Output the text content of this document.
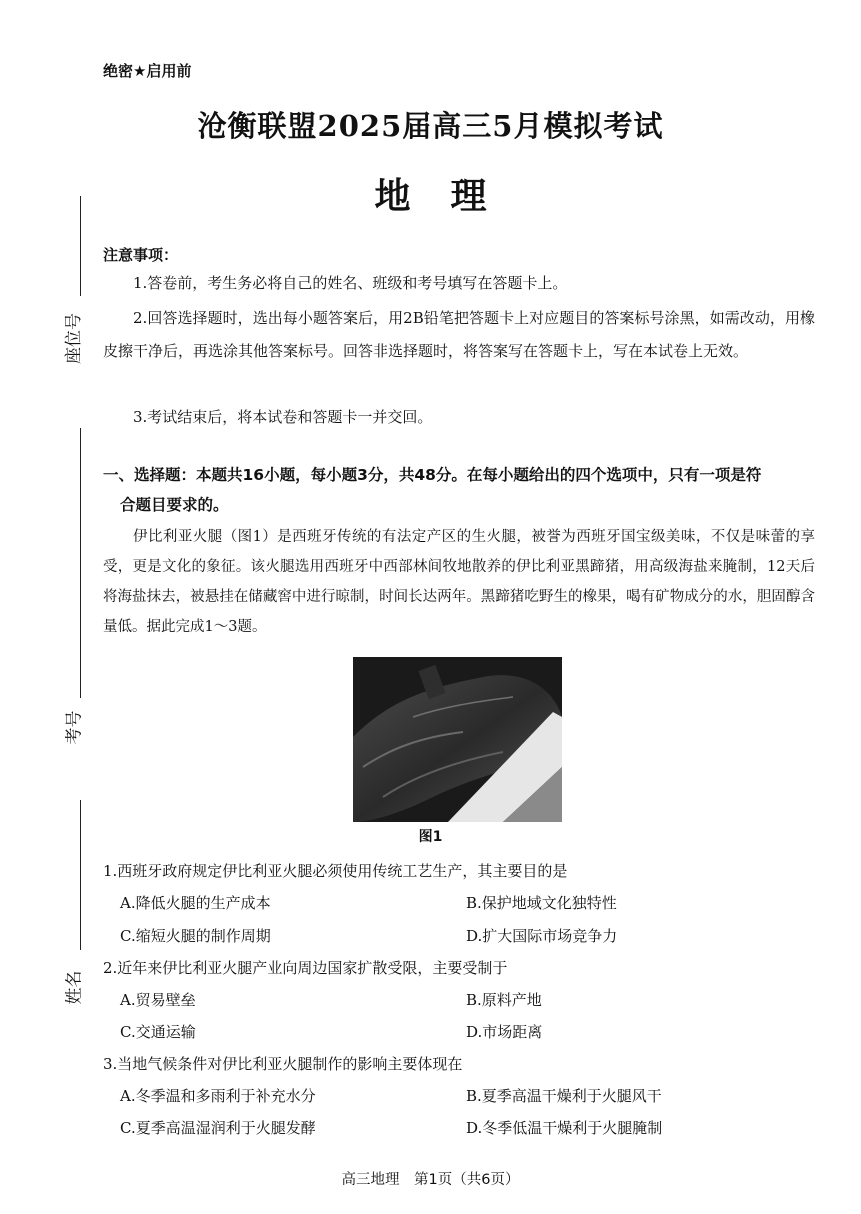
座位号
考号
姓名
绝密★启用前
沧衡联盟2025届高三5月模拟考试
地理
注意事项：
1.答卷前，考生务必将自己的姓名、班级和考号填写在答题卡上。
2.回答选择题时，选出每小题答案后，用2B铅笔把答题卡上对应题目的答案标号涂黑，如需改动，用橡皮擦干净后，再选涂其他答案标号。回答非选择题时，将答案写在答题卡上，写在本试卷上无效。
3.考试结束后，将本试卷和答题卡一并交回。
一、选择题：本题共16小题，每小题3分，共48分。在每小题给出的四个选项中，只有一项是符
合题目要求的。
伊比利亚火腿（图1）是西班牙传统的有法定产区的生火腿，被誉为西班牙国宝级美味，不仅是味蕾的享受，更是文化的象征。该火腿选用西班牙中西部林间牧地散养的伊比利亚黑蹄猪，用高级海盐来腌制，12天后将海盐抹去，被悬挂在储藏窖中进行晾制，时间长达两年。黑蹄猪吃野生的橡果，喝有矿物成分的水，胆固醇含量低。据此完成1～3题。
图1
1.西班牙政府规定伊比利亚火腿必须使用传统工艺生产，其主要目的是
A.降低火腿的生产成本	B.保护地域文化独特性
C.缩短火腿的制作周期	D.扩大国际市场竞争力
2.近年来伊比利亚火腿产业向周边国家扩散受限，主要受制于
A.贸易壁垒	B.原料产地
C.交通运输	D.市场距离
3.当地气候条件对伊比利亚火腿制作的影响主要体现在
A.冬季温和多雨利于补充水分	B.夏季高温干燥利于火腿风干
C.夏季高温湿润利于火腿发酵	D.冬季低温干燥利于火腿腌制
高三地理　第1页（共6页）
